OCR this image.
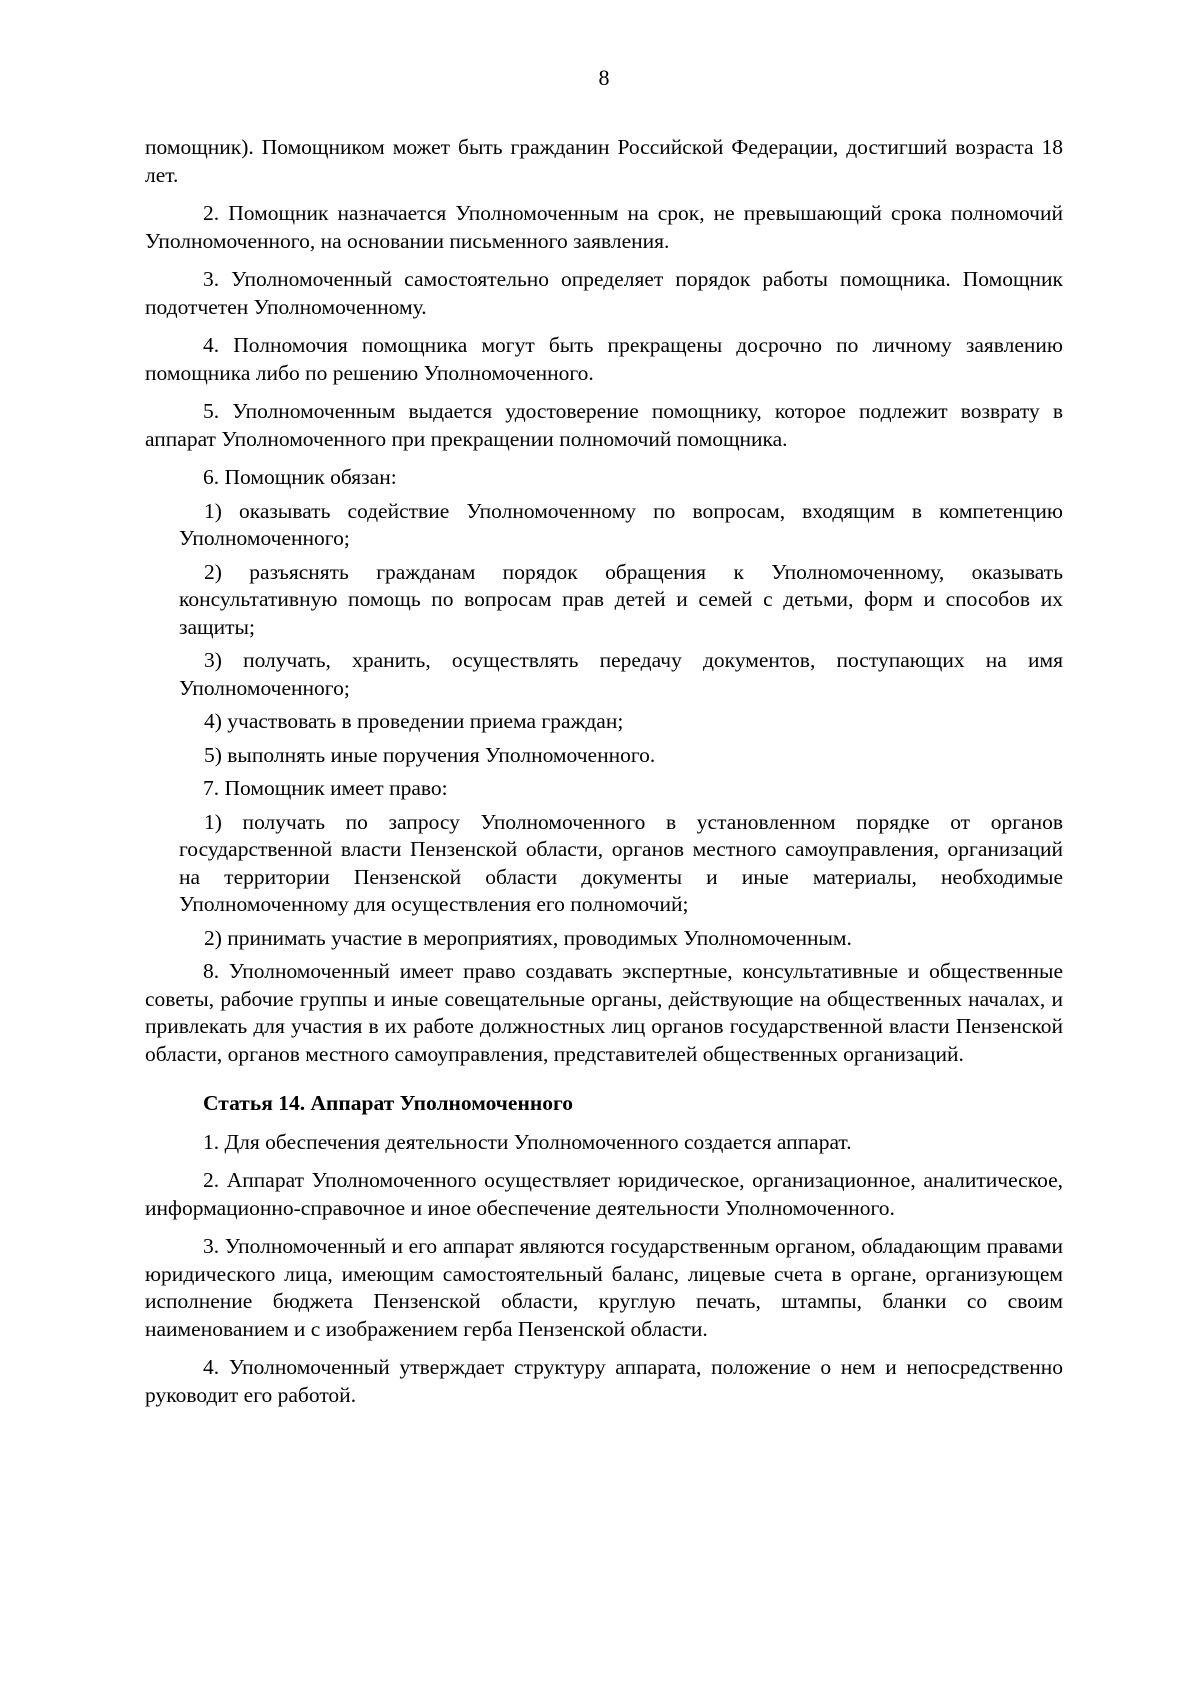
8

помощник). Помощником может быть гражданин Российской Федерации, достигший возраста 18 лет.

2. Помощник назначается Уполномоченным на срок, не превышающий срока полномочий Уполномоченного, на основании письменного заявления.

3. Уполномоченный самостоятельно определяет порядок работы помощника. Помощник подотчетен Уполномоченному.

4. Полномочия помощника могут быть прекращены досрочно по личному заявлению помощника либо по решению Уполномоченного.

5. Уполномоченным выдается удостоверение помощнику, которое подлежит возврату в аппарат Уполномоченного при прекращении полномочий помощника.

6. Помощник обязан:

1) оказывать содействие Уполномоченному по вопросам, входящим в компетенцию Уполномоченного;

2) разъяснять гражданам порядок обращения к Уполномоченному, оказывать консультативную помощь по вопросам прав детей и семей с детьми, форм и способов их защиты;

3) получать, хранить, осуществлять передачу документов, поступающих на имя Уполномоченного;

4) участвовать в проведении приема граждан;

5) выполнять иные поручения Уполномоченного.

7. Помощник имеет право:

1) получать по запросу Уполномоченного в установленном порядке от органов государственной власти Пензенской области, органов местного самоуправления, организаций на территории Пензенской области документы и иные материалы, необходимые Уполномоченному для осуществления его полномочий;

2) принимать участие в мероприятиях, проводимых Уполномоченным.

8. Уполномоченный имеет право создавать экспертные, консультативные и общественные советы, рабочие группы и иные совещательные органы, действующие на общественных началах, и привлекать для участия в их работе должностных лиц органов государственной власти Пензенской области, органов местного самоуправления, представителей общественных организаций.

Статья 14. Аппарат Уполномоченного

1. Для обеспечения деятельности Уполномоченного создается аппарат.

2. Аппарат Уполномоченного осуществляет юридическое, организационное, аналитическое, информационно-справочное и иное обеспечение деятельности Уполномоченного.

3. Уполномоченный и его аппарат являются государственным органом, обладающим правами юридического лица, имеющим самостоятельный баланс, лицевые счета в органе, организующем исполнение бюджета Пензенской области, круглую печать, штампы, бланки со своим наименованием и с изображением герба Пензенской области.

4. Уполномоченный утверждает структуру аппарата, положение о нем и непосредственно руководит его работой.
